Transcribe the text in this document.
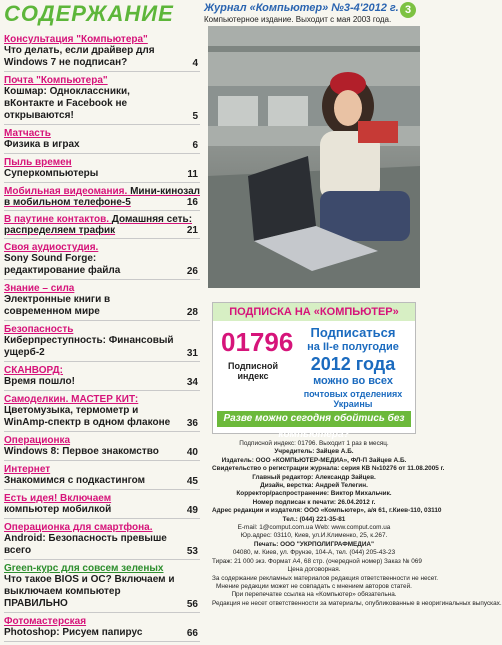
СОДЕРЖАНИЕ	Журнал «Компьютер» №3-4'2012 г. 3
Компьютерное издание. Выходит с мая 2003 года.
Консультация "Компьютера"
Что делать, если драйвер для Windows 7 не подписан?	4
Почта "Компьютера"
Кошмар: Одноклассники, вКонтакте и Facebook не открываются!	5
Матчасть
Физика в играх	6
Пыль времен
Суперкомпьютеры	11
Мобильная видеомания. Мини-кинозал в мобильном телефоне-5	16
В паутине контактов. Домашняя сеть: распределяем трафик	21
Своя аудиостудия.
Sony Sound Forge: редактирование файла	26
Знание – сила
Электронные книги в современном мире	28
Безопасность
Киберпреступность: Финансовый ущерб-2	31
СКАНВОРД:
Время пошло!	34
Самоделкин. МАСТЕР КИТ:
Цветомузыка, термометр и WinAmp-спектр в одном флаконе	36
Операционка
Windows 8: Первое знакомство	40
Интернет
Знакомимся с подкастингом	45
Есть идея! Включаем
компьютер мобилкой	49
Операционка для смартфона.
Android: Безопасность превыше всего	53
Green-курс для совсем зеленых
Что такое BIOS и OC? Включаем и выключаем компьютер ПРАВИЛЬНО	56
Фотомастерская
Photoshop: Рисуем папирус	66
ПОДПИСКА НА «КОМПЬЮТЕР»
01796
Подписной индекс
Подписаться
на II-е полугодие
2012 года
можно во всех
почтовых отделениях Украины
Разве можно сегодня обойтись без компьютера?
Подписной индекс: 01796. Выходит 1 раз в месяц.
Учредитель: Зайцев А.Б.
Издатель: ООО «КОМПЬЮТЕР-МЕДИА», ФЛ-П Зайцев А.Б.
Свидетельство о регистрации журнала: серия КВ №10276 от 11.08.2005 г.
Главный редактор: Александр Зайцев.
Дизайн, верстка: Андрей Телегин.
Корректор/распространение: Виктор Михальчик.
Номер подписан к печати: 26.04.2012 г.
Адрес редакции и издателя: ООО «Компьютер», а/я 61, г.Киев-110, 03110
Тел.: (044) 221-35-81
E-mail: 1@comput.com.ua Web: www.comput.com.ua
Юр.адрес: 03110, Киев, ул.И.Клименко, 25, к.267.
Печать: ООО "УКРПОЛИГРАФМЕДИА"
04080, м. Киев, ул. Фрунзе, 104-А, тел. (044) 205-43-23
Тираж: 21 000 экз. Формат А4, 68 стр. (очередной номер) Заказ № 069
Цена договорная.
За содержание рекламных материалов редакция ответственности не несет.
Мнение редакции может не совпадать с мнением авторов статей.
При перепечатке ссылка на «Компьютер» обязательна.
Редакция не несет ответственности за материалы, опубликованные в неоригинальных выпусках.
